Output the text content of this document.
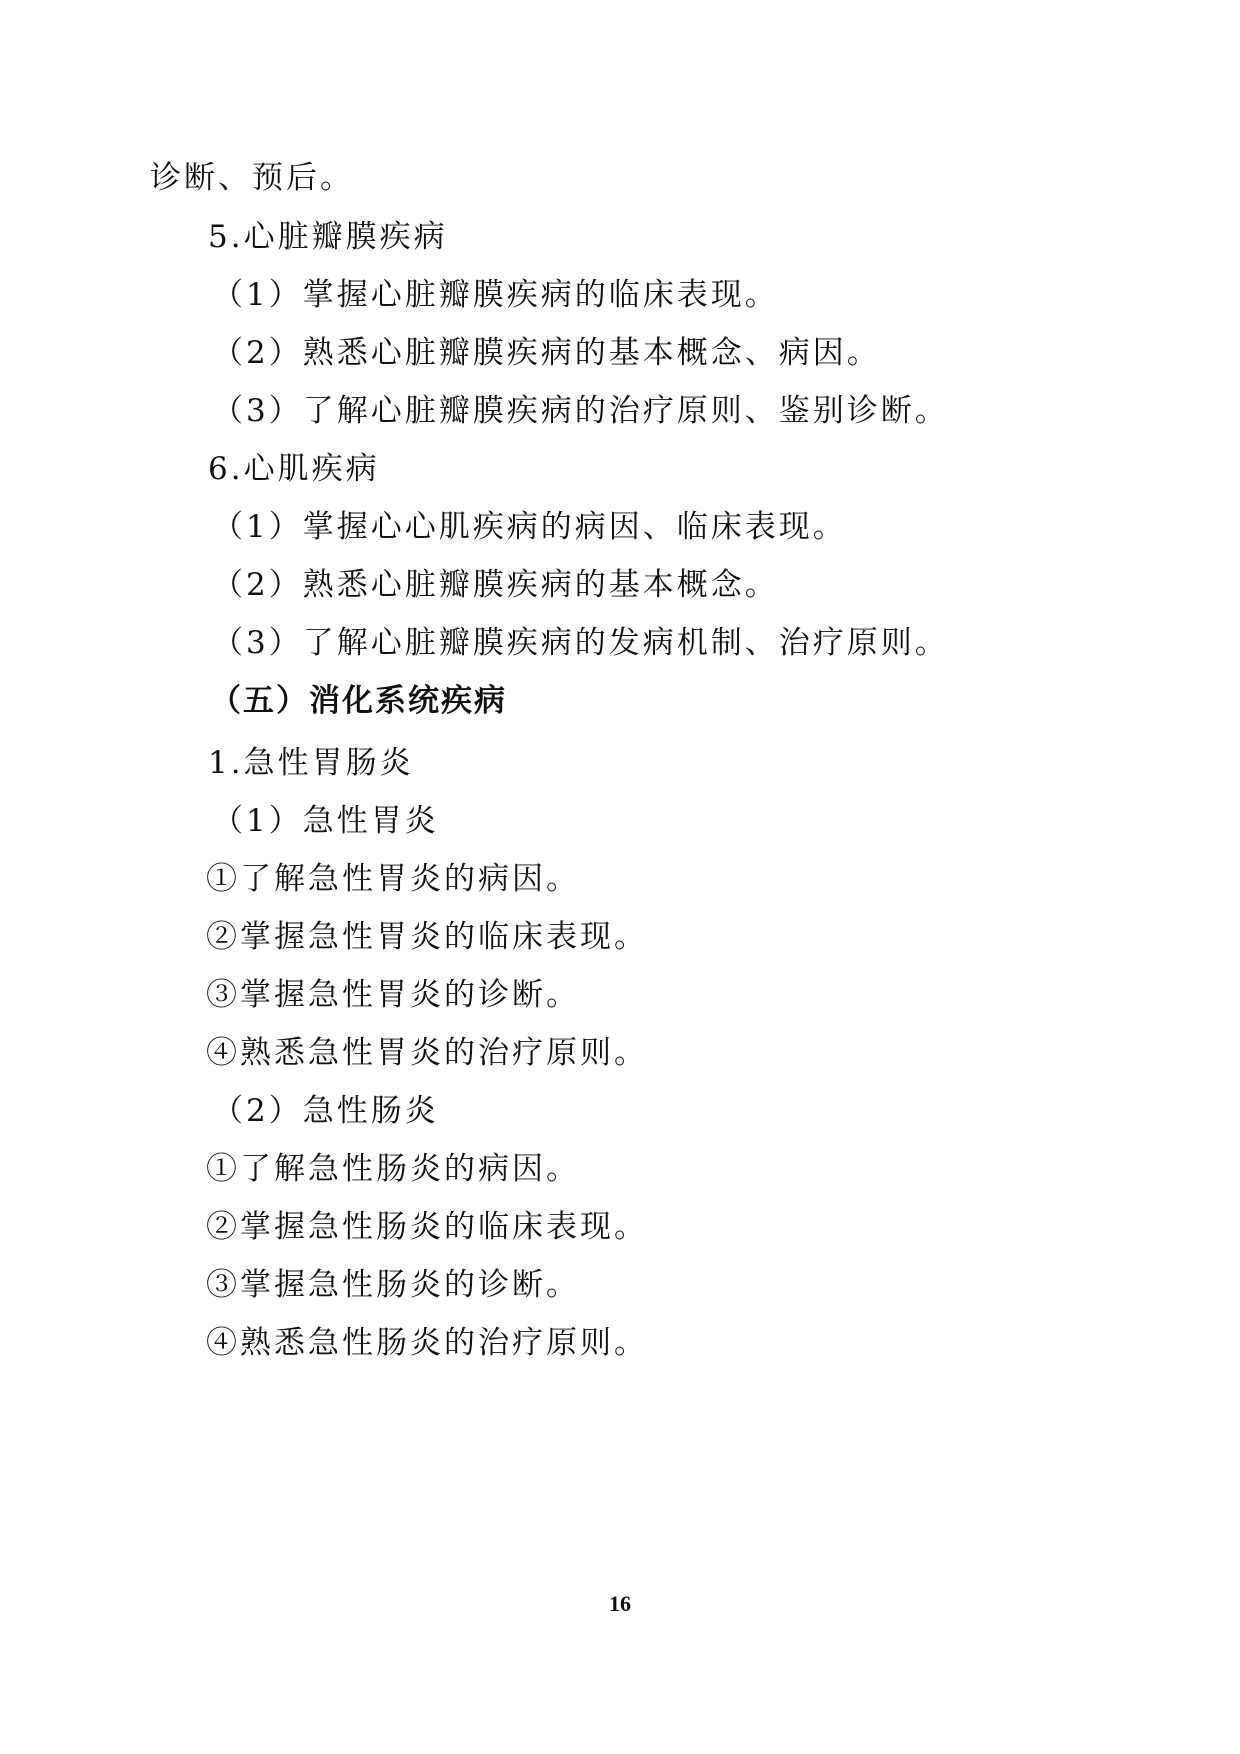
诊断、预后。
5.心脏瓣膜疾病
（1）掌握心脏瓣膜疾病的临床表现。
（2）熟悉心脏瓣膜疾病的基本概念、病因。
（3）了解心脏瓣膜疾病的治疗原则、鉴别诊断。
6.心肌疾病
（1）掌握心心肌疾病的病因、临床表现。
（2）熟悉心脏瓣膜疾病的基本概念。
（3）了解心脏瓣膜疾病的发病机制、治疗原则。
（五）消化系统疾病
1.急性胃肠炎
（1）急性胃炎
①了解急性胃炎的病因。
②掌握急性胃炎的临床表现。
③掌握急性胃炎的诊断。
④熟悉急性胃炎的治疗原则。
（2）急性肠炎
①了解急性肠炎的病因。
②掌握急性肠炎的临床表现。
③掌握急性肠炎的诊断。
④熟悉急性肠炎的治疗原则。
16
